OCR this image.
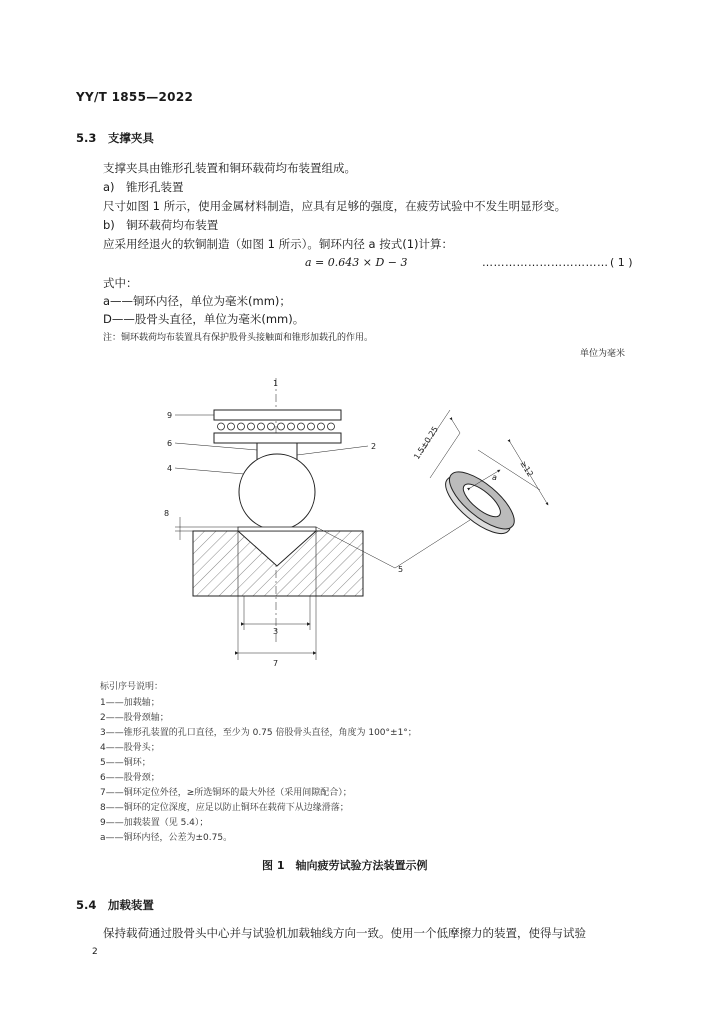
YY/T 1855—2022
5.3　支撑夹具
支撑夹具由锥形孔装置和铜环载荷均布装置组成。
a)　锥形孔装置
尺寸如图 1 所示，使用金属材料制造，应具有足够的强度，在疲劳试验中不发生明显形变。
b)　铜环载荷均布装置
应采用经退火的软铜制造（如图 1 所示）。铜环内径 a 按式(1)计算：
a = 0.643 × D − 3	…………………………… ( 1 )
式中：
a——铜环内径，单位为毫米(mm)；
D——股骨头直径，单位为毫米(mm)。
注：铜环载荷均布装置具有保护股骨头接触面和锥形加载孔的作用。
单位为毫米
1
2
3
4
5
6
7
8
9
1.5±0.25
a	≥12
标引序号说明：
1——加载轴；
2——股骨颈轴；
3——锥形孔装置的孔口直径，至少为 0.75 倍股骨头直径，角度为 100°±1°；
4——股骨头；
5——铜环；
6——股骨颈；
7——铜环定位外径，≥所选铜环的最大外径（采用间隙配合）；
8——铜环的定位深度，应足以防止铜环在载荷下从边缘滑落；
9——加载装置（见 5.4）；
a——铜环内径，公差为±0.75。
图 1　轴向疲劳试验方法装置示例
5.4　加载装置
保持载荷通过股骨头中心并与试验机加载轴线方向一致。使用一个低摩擦力的装置，使得与试验
2
